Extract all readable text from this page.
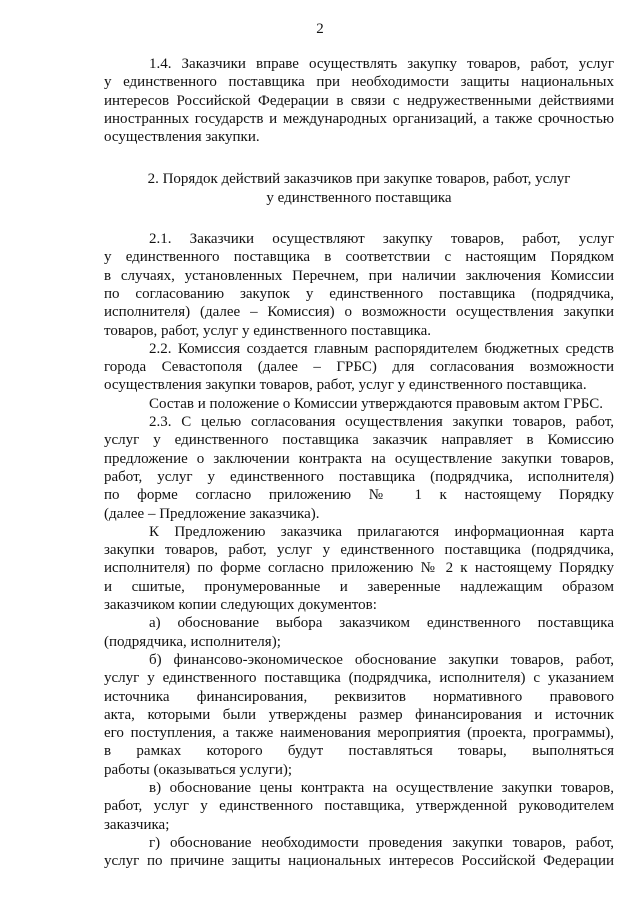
2

1.4. Заказчики вправе осуществлять закупку товаров, работ, услуг

у единственного поставщика при необходимости защиты национальных

интересов Российской Федерации в связи с недружественными действиями

иностранных государств и международных организаций, а также срочностью

осуществления закупки.

2. Порядок действий заказчиков при закупке товаров, работ, услуг
у единственного поставщика

2.1. Заказчики осуществляют закупку товаров, работ, услуг

у единственного поставщика в соответствии с настоящим Порядком

в случаях, установленных Перечнем, при наличии заключения Комиссии

по согласованию закупок у единственного поставщика (подрядчика,

исполнителя) (далее – Комиссия) о возможности осуществления закупки

товаров, работ, услуг у единственного поставщика.

2.2. Комиссия создается главным распорядителем бюджетных средств

города Севастополя (далее – ГРБС) для согласования возможности

осуществления закупки товаров, работ, услуг у единственного поставщика.

Состав и положение о Комиссии утверждаются правовым актом ГРБС.

2.3. С целью согласования осуществления закупки товаров, работ,

услуг у единственного поставщика заказчик направляет в Комиссию

предложение о заключении контракта на осуществление закупки товаров,

работ, услуг у единственного поставщика (подрядчика, исполнителя)

по форме согласно приложению № 1 к настоящему Порядку

(далее – Предложение заказчика).

К Предложению заказчика прилагаются информационная карта

закупки товаров, работ, услуг у единственного поставщика (подрядчика,

исполнителя) по форме согласно приложению № 2 к настоящему Порядку

и сшитые, пронумерованные и заверенные надлежащим образом

заказчиком копии следующих документов:

а) обоснование выбора заказчиком единственного поставщика

(подрядчика, исполнителя);

б) финансово-экономическое обоснование закупки товаров, работ,

услуг у единственного поставщика (подрядчика, исполнителя) с указанием

источника финансирования, реквизитов нормативного правового

акта, которыми были утверждены размер финансирования и источник

его поступления, а также наименования мероприятия (проекта, программы),

в рамках которого будут поставляться товары, выполняться

работы (оказываться услуги);

в) обоснование цены контракта на осуществление закупки товаров,

работ, услуг у единственного поставщика, утвержденной руководителем

заказчика;

г) обоснование необходимости проведения закупки товаров, работ,

услуг по причине защиты национальных интересов Российской Федерации
